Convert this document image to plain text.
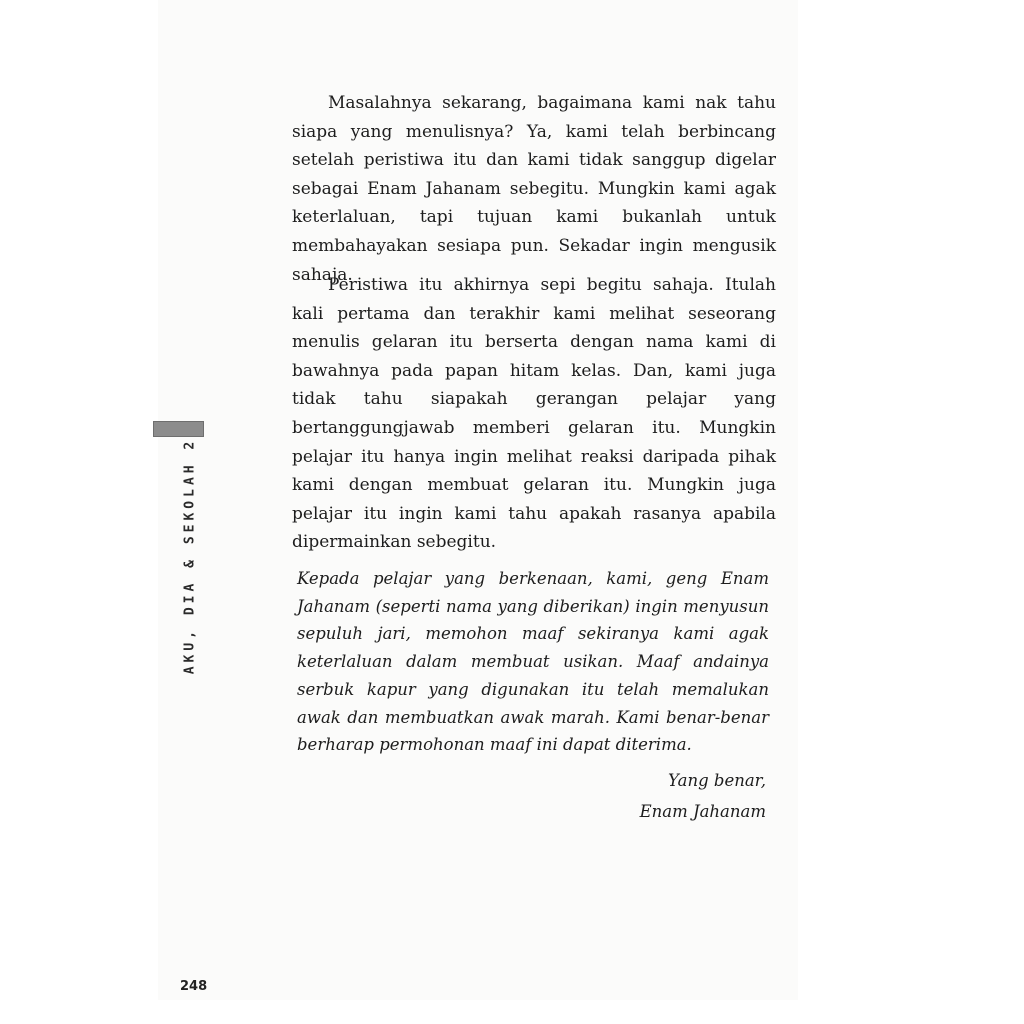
Masalahnya sekarang, bagaimana kami nak tahu siapa yang menulisnya? Ya, kami telah berbincang setelah peristiwa itu dan kami tidak sanggup digelar sebagai Enam Jahanam sebegitu. Mungkin kami agak keterlaluan, tapi tujuan kami bukanlah untuk membahayakan sesiapa pun. Sekadar ingin mengusik sahaja.

Peristiwa itu akhirnya sepi begitu sahaja. Itulah kali pertama dan terakhir kami melihat seseorang menulis gelaran itu berserta dengan nama kami di bawahnya pada papan hitam kelas. Dan, kami juga tidak tahu siapakah gerangan pelajar yang bertanggungjawab memberi gelaran itu. Mungkin pelajar itu hanya ingin melihat reaksi daripada pihak kami dengan membuat gelaran itu. Mungkin juga pelajar itu ingin kami tahu apakah rasanya apabila dipermainkan sebegitu.

AKU, DIA & SEKOLAH 2	Kepada pelajar yang berkenaan, kami, geng Enam Jahanam (seperti nama yang diberikan) ingin menyusun sepuluh jari, memohon maaf sekiranya kami agak keterlaluan dalam membuat usikan. Maaf andainya serbuk kapur yang digunakan itu telah memalukan awak dan membuatkan awak marah. Kami benar-benar berharap permohonan maaf ini dapat diterima.

Yang benar,
Enam Jahanam
248
